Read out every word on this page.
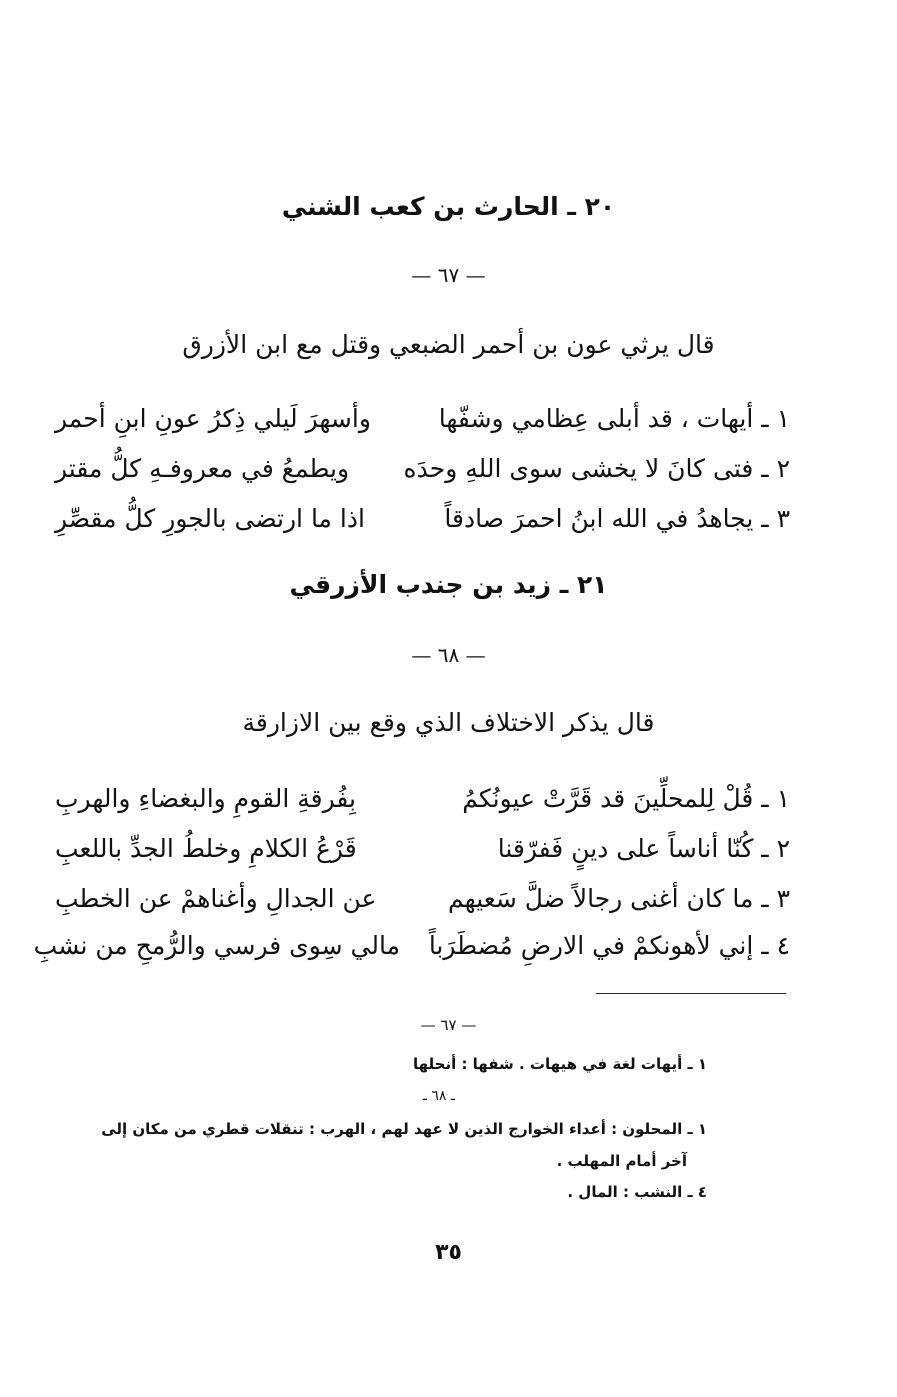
٢٠ ـ الحارث بن كعب الشني
— ٦٧ —
قال يرثي عون بن أحمر الضبعي وقتل مع ابن الأزرق
١ ـ أيهات ، قد أبلى عِظامي وشفّها
وأسهرَ لَيلي ذِكرُ عونِ ابنِ أحمر
٢ ـ فتى كانَ لا يخشى سوى اللهِ وحدَه
ويطمعُ في معروفـهِ كلُّ مقتر
٣ ـ يجاهدُ في الله ابنُ احمرَ صادقاً
اذا ما ارتضى بالجورِ كلُّ مقصِّرِ
٢١ ـ زيد بن جندب الأزرقي
— ٦٨ —
قال يذكر الاختلاف الذي وقع بين الازارقة
١ ـ قُلْ لِلمحلِّينَ قد قَرَّتْ عيونُكمُ
بِفُرقةِ القومِ والبغضاءِ والهربِ
٢ ـ كُنّا أناساً على دينٍ فَفرّقنا
قَرْعُ الكلامِ وخلطُ الجدِّ باللعبِ
٣ ـ ما كان أغنى رجالاً ضلَّ سَعيهم
عن الجدالِ وأغناهمْ عن الخطبِ
٤ ـ إني لأهونكمْ في الارضِ مُضطَرَباً
مالي سِوى فرسي والرُّمحِ من نشبِ
— ٦٧ —
١ ـ أيهات لغة في هيهات . شفها : أنحلها
ـ ٦٨ ـ
١ ـ المحلون : أعداء الخوارج الذين لا عهد لهم ، الهرب : تنقلات قطري من مكان إلى
آخر أمام المهلب .
٤ ـ النشب : المال .
٣٥
